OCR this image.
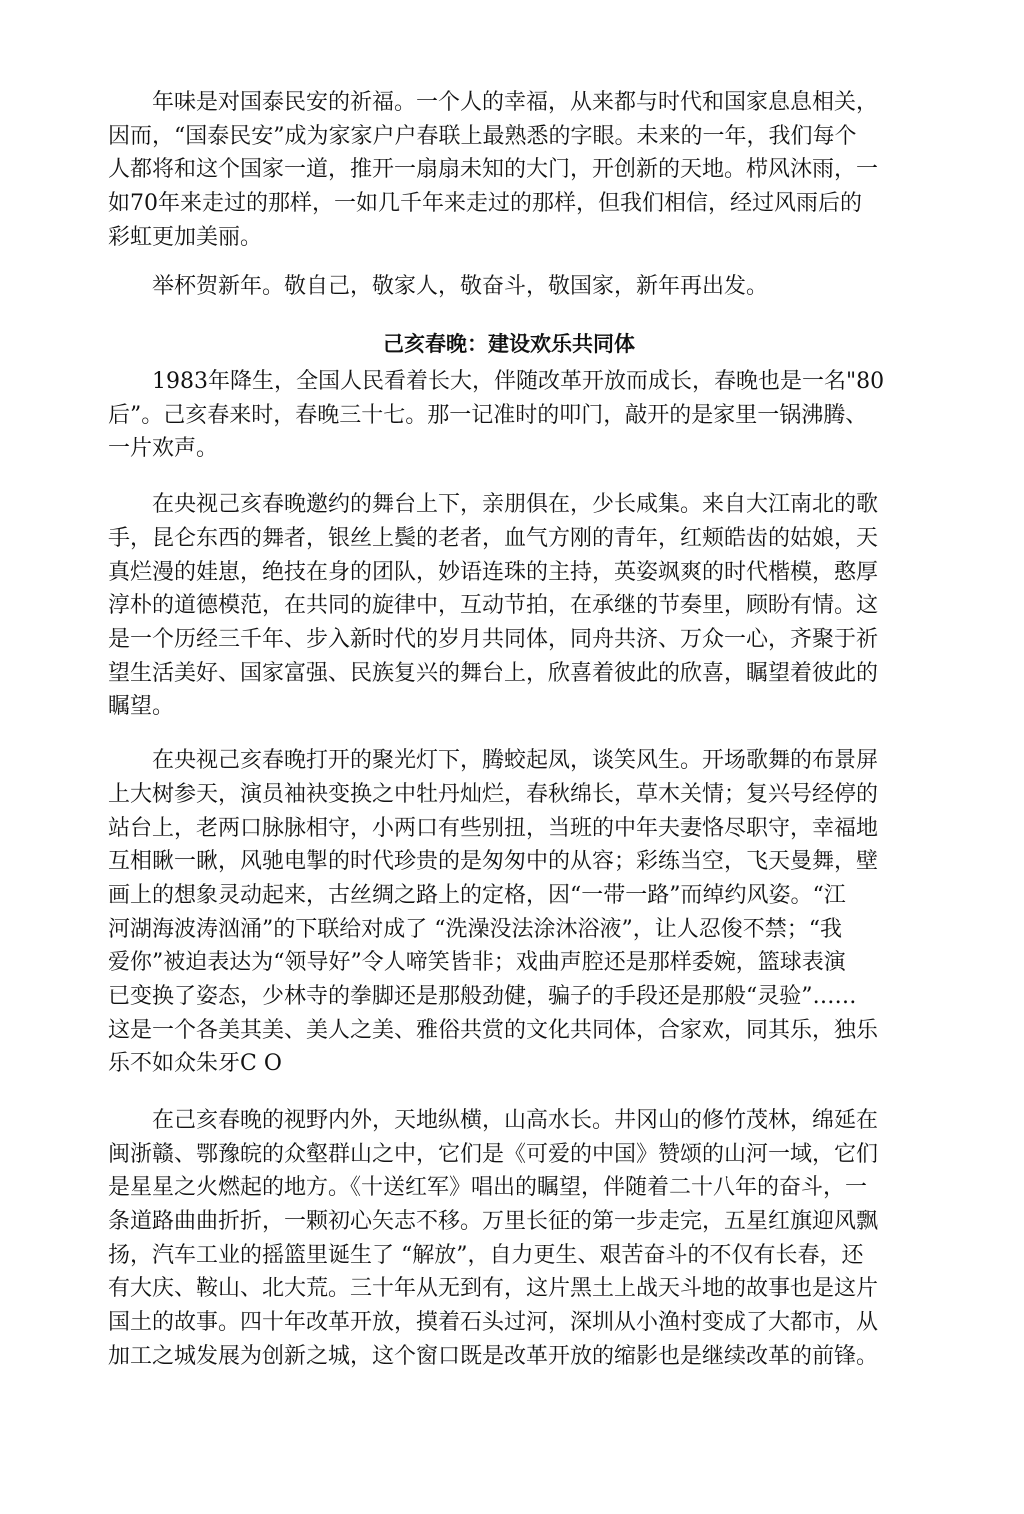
年味是对国泰民安的祈福。一个人的幸福，从来都与时代和国家息息相关，
因而，“国泰民安”成为家家户户春联上最熟悉的字眼。未来的一年，我们每个
人都将和这个国家一道，推开一扇扇未知的大门，开创新的天地。栉风沐雨，一
如70年来走过的那样，一如几千年来走过的那样，但我们相信，经过风雨后的
彩虹更加美丽。
举杯贺新年。敬自己，敬家人，敬奋斗，敬国家，新年再出发。
己亥春晚：建设欢乐共同体
1983年降生，全国人民看着长大，伴随改革开放而成长，春晚也是一名"80
后”。己亥春来时，春晚三十七。那一记准时的叩门，敲开的是家里一锅沸腾、
一片欢声。
在央视己亥春晚邀约的舞台上下，亲朋俱在，少长咸集。来自大江南北的歌
手，昆仑东西的舞者，银丝上鬓的老者，血气方刚的青年，红颊皓齿的姑娘，天
真烂漫的娃崽，绝技在身的团队，妙语连珠的主持，英姿飒爽的时代楷模，憨厚
淳朴的道德模范，在共同的旋律中，互动节拍，在承继的节奏里，顾盼有情。这
是一个历经三千年、步入新时代的岁月共同体，同舟共济、万众一心，齐聚于祈
望生活美好、国家富强、民族复兴的舞台上，欣喜着彼此的欣喜，瞩望着彼此的
瞩望。
在央视己亥春晚打开的聚光灯下，腾蛟起凤，谈笑风生。开场歌舞的布景屏
上大树参天，演员袖袂变换之中牡丹灿烂，春秋绵长，草木关情；复兴号经停的
站台上，老两口脉脉相守，小两口有些别扭，当班的中年夫妻恪尽职守，幸福地
互相瞅一瞅，风驰电掣的时代珍贵的是匆匆中的从容；彩练当空，飞天曼舞，壁
画上的想象灵动起来，古丝绸之路上的定格，因“一带一路”而绰约风姿。“江
河湖海波涛汹涌”的下联给对成了 “洗澡没法涂沐浴液”，让人忍俊不禁；“我
爱你”被迫表达为“领导好”令人啼笑皆非；戏曲声腔还是那样委婉，篮球表演
已变换了姿态，少林寺的拳脚还是那般劲健，骗子的手段还是那般“灵验”……
这是一个各美其美、美人之美、雅俗共赏的文化共同体，合家欢，同其乐，独乐
乐不如众朱牙C O
在己亥春晚的视野内外，天地纵横，山高水长。井冈山的修竹茂林，绵延在
闽浙赣、鄂豫皖的众壑群山之中，它们是《可爱的中国》赞颂的山河一域，它们
是星星之火燃起的地方。《十送红军》唱出的瞩望，伴随着二十八年的奋斗，一
条道路曲曲折折，一颗初心矢志不移。万里长征的第一步走完，五星红旗迎风飘
扬，汽车工业的摇篮里诞生了 “解放”，自力更生、艰苦奋斗的不仅有长春，还
有大庆、鞍山、北大荒。三十年从无到有，这片黑土上战天斗地的故事也是这片
国土的故事。四十年改革开放，摸着石头过河，深圳从小渔村变成了大都市，从
加工之城发展为创新之城，这个窗口既是改革开放的缩影也是继续改革的前锋。
